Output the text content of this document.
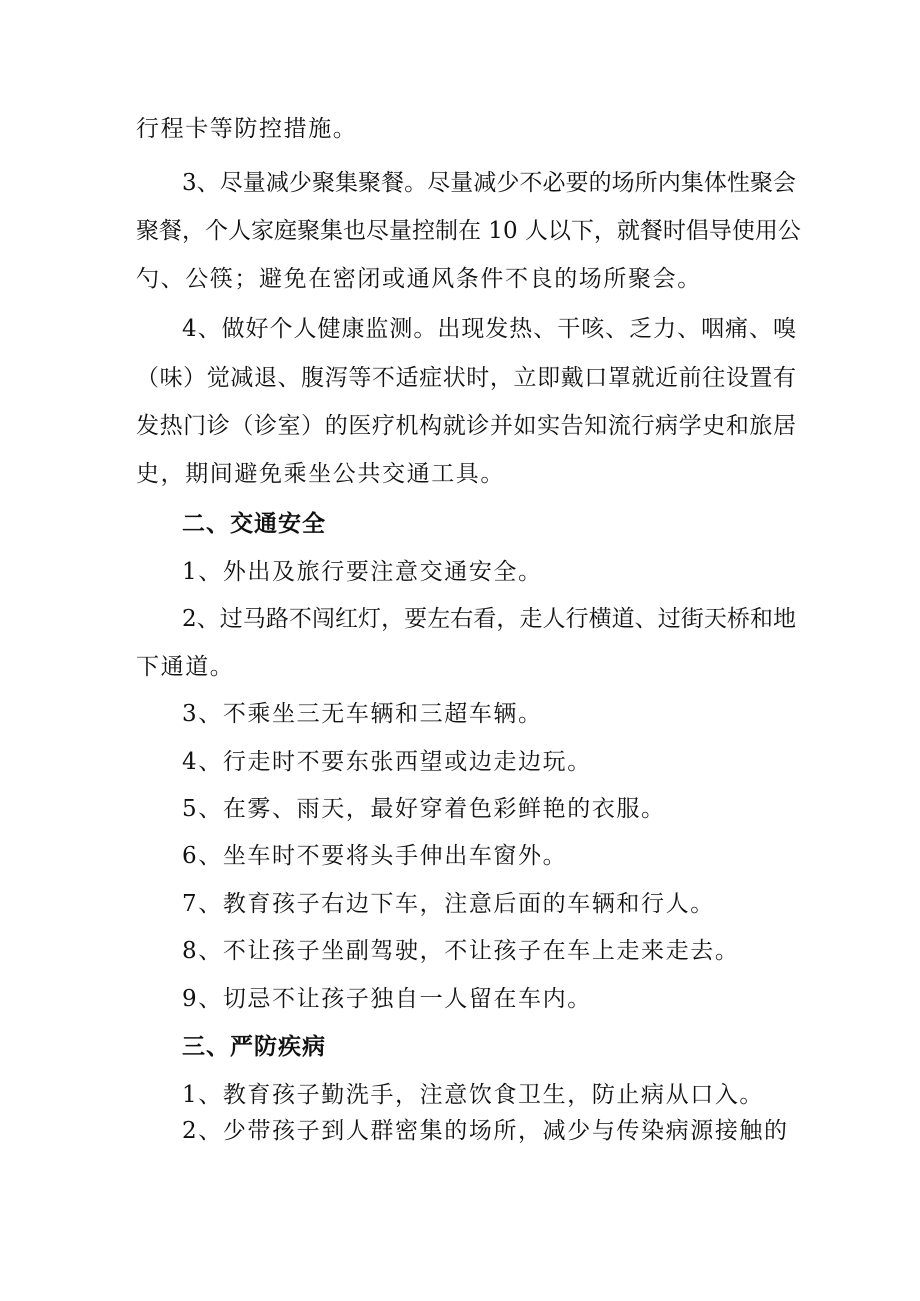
行程卡等防控措施。
3、尽量减少聚集聚餐。尽量减少不必要的场所内集体性聚会
聚餐，个人家庭聚集也尽量控制在 10 人以下，就餐时倡导使用公
勺、公筷；避免在密闭或通风条件不良的场所聚会。
4、做好个人健康监测。出现发热、干咳、乏力、咽痛、嗅
（味）觉减退、腹泻等不适症状时，立即戴口罩就近前往设置有
发热门诊（诊室）的医疗机构就诊并如实告知流行病学史和旅居
史，期间避免乘坐公共交通工具。
二、交通安全
1、外出及旅行要注意交通安全。
2、过马路不闯红灯，要左右看，走人行横道、过街天桥和地
下通道。
3、不乘坐三无车辆和三超车辆。
4、行走时不要东张西望或边走边玩。
5、在雾、雨天，最好穿着色彩鲜艳的衣服。
6、坐车时不要将头手伸出车窗外。
7、教育孩子右边下车，注意后面的车辆和行人。
8、不让孩子坐副驾驶，不让孩子在车上走来走去。
9、切忌不让孩子独自一人留在车内。
三、严防疾病
1、教育孩子勤洗手，注意饮食卫生，防止病从口入。
2、少带孩子到人群密集的场所，减少与传染病源接触的
